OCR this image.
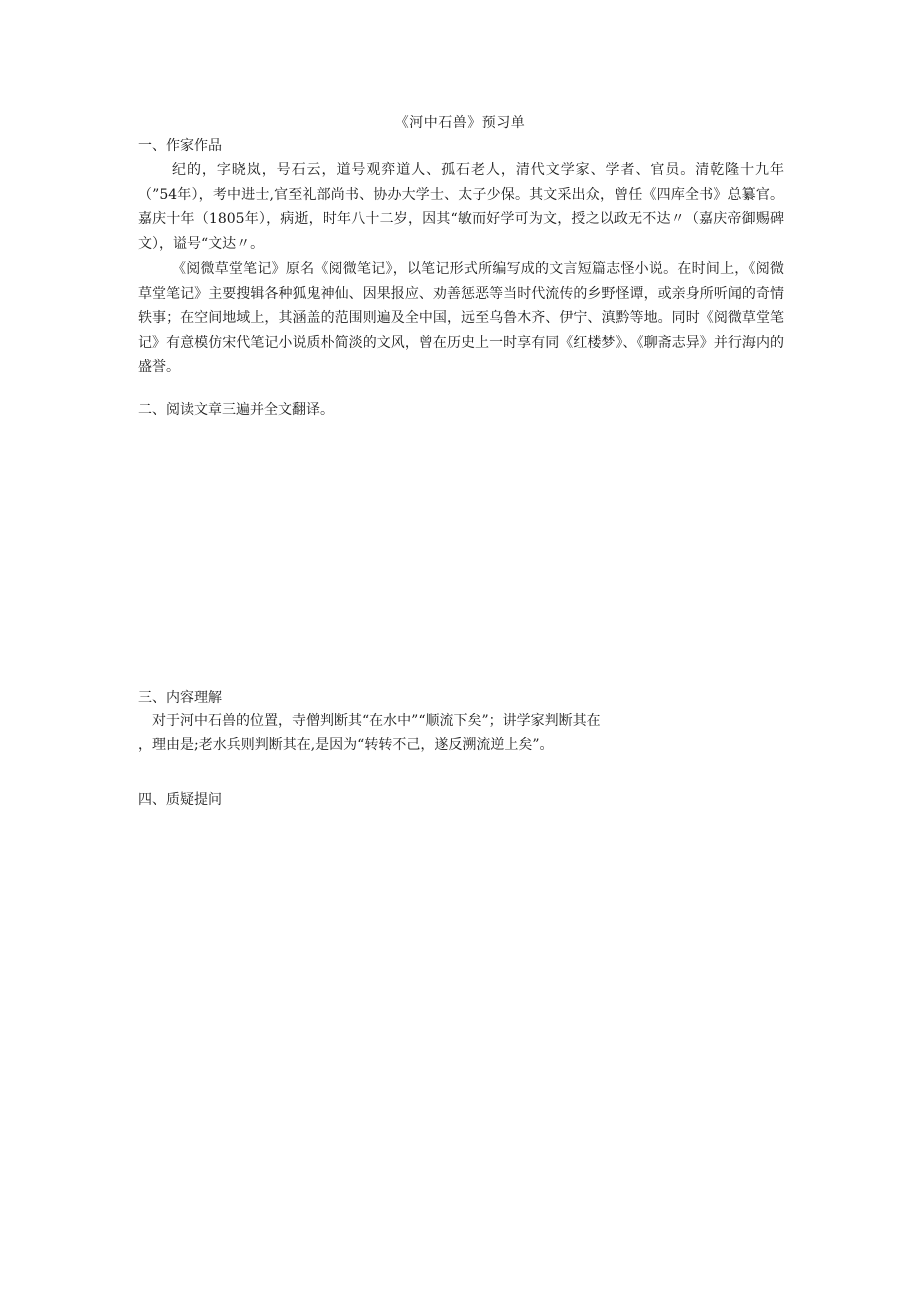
《河中石兽》预习单
一、作家作品

纪的，字晓岚，号石云，道号观弈道人、孤石老人，清代文学家、学者、官员。清乾隆十九年（”54年），考中进士,官至礼部尚书、协办大学士、太子少保。其文采出众，曾任《四库全书》总纂官。嘉庆十年（1805年），病逝，时年八十二岁，因其“敏而好学可为文，授之以政无不达〃（嘉庆帝御赐碑文），谥号“文达〃。

《阅微草堂笔记》原名《阅微笔记》，以笔记形式所编写成的文言短篇志怪小说。在时间上，《阅微草堂笔记》主要搜辑各种狐鬼神仙、因果报应、劝善惩恶等当时代流传的乡野怪谭，或亲身所听闻的奇情轶事；在空间地域上，其涵盖的范围则遍及全中国，远至乌鲁木齐、伊宁、滇黔等地。同时《阅微草堂笔记》有意模仿宋代笔记小说质朴简淡的文风，曾在历史上一时享有同《红楼梦》、《聊斋志异》并行海内的盛誉。

二、阅读文章三遍并全文翻译。
三、内容理解
对于河中石兽的位置，寺僧判断其“在水中”“顺流下矣”；讲学家判断其在
，理由是;老水兵则判断其在,是因为“转转不己，遂反溯流逆上矣”。
四、质疑提问
